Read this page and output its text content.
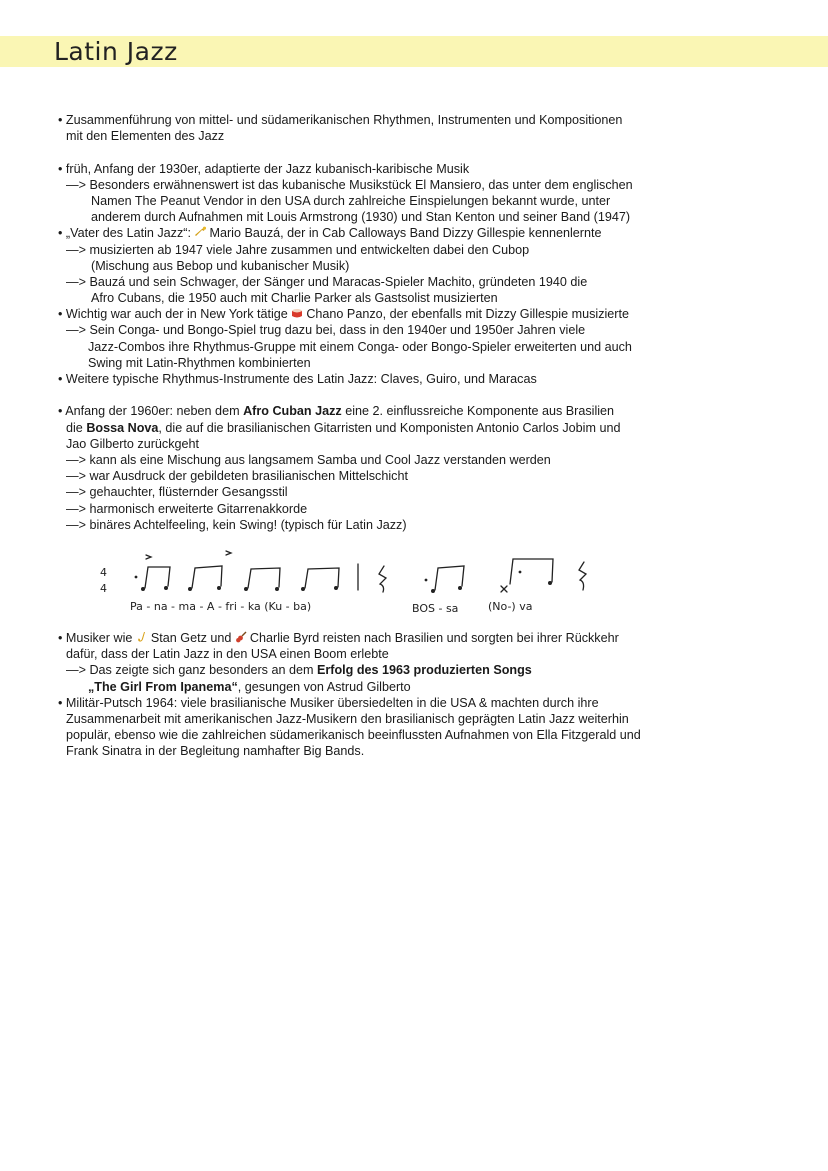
Latin Jazz
• Zusammenführung von mittel- und südamerikanischen Rhythmen, Instrumenten und Kompositionen
mit den Elementen des Jazz
• früh, Anfang der 1930er, adaptierte der Jazz kubanisch-karibische Musik
—> Besonders erwähnenswert ist das kubanische Musikstück El Mansiero, das unter dem englischen
Namen The Peanut Vendor in den USA durch zahlreiche Einspielungen bekannt wurde, unter
anderem durch Aufnahmen mit Louis Armstrong (1930) und Stan Kenton und seiner Band (1947)
• „Vater des Latin Jazz“: Mario Bauzá, der in Cab Calloways Band Dizzy Gillespie kennenlernte
—> musizierten ab 1947 viele Jahre zusammen und entwickelten dabei den Cubop
(Mischung aus Bebop und kubanischer Musik)
—> Bauzá und sein Schwager, der Sänger und Maracas-Spieler Machito, gründeten 1940 die
Afro Cubans, die 1950 auch mit Charlie Parker als Gastsolist musizierten
• Wichtig war auch der in New York tätige Chano Panzo, der ebenfalls mit Dizzy Gillespie musizierte
—> Sein Conga- und Bongo-Spiel trug dazu bei, dass in den 1940er und 1950er Jahren viele
Jazz-Combos ihre Rhythmus-Gruppe mit einem Conga- oder Bongo-Spieler erweiterten und auch
Swing mit Latin-Rhythmen kombinierten
• Weitere typische Rhythmus-Instrumente des Latin Jazz: Claves, Guiro, und Maracas
• Anfang der 1960er: neben dem Afro Cuban Jazz eine 2. einflussreiche Komponente aus Brasilien
die Bossa Nova, die auf die brasilianischen Gitarristen und Komponisten Antonio Carlos Jobim und
Jao Gilberto zurückgeht
—> kann als eine Mischung aus langsamem Samba und Cool Jazz verstanden werden
—> war Ausdruck der gebildeten brasilianischen Mittelschicht
—> gehauchter, flüsternder Gesangsstil
—> harmonisch erweiterte Gitarrenakkorde
—> binäres Achtelfeeling, kein Swing! (typisch für Latin Jazz)
4
4
Pa - na - ma - A - fri - ka (Ku - ba)	BOS - sa	(No-) va
• Musiker wie Stan Getz und Charlie Byrd reisten nach Brasilien und sorgten bei ihrer Rückkehr
dafür, dass der Latin Jazz in den USA einen Boom erlebte
—> Das zeigte sich ganz besonders an dem Erfolg des 1963 produzierten Songs
„The Girl From Ipanema“, gesungen von Astrud Gilberto
• Militär-Putsch 1964: viele brasilianische Musiker übersiedelten in die USA & machten durch ihre
Zusammenarbeit mit amerikanischen Jazz-Musikern den brasilianisch geprägten Latin Jazz weiterhin
populär, ebenso wie die zahlreichen südamerikanisch beeinflussten Aufnahmen von Ella Fitzgerald und
Frank Sinatra in der Begleitung namhafter Big Bands.
